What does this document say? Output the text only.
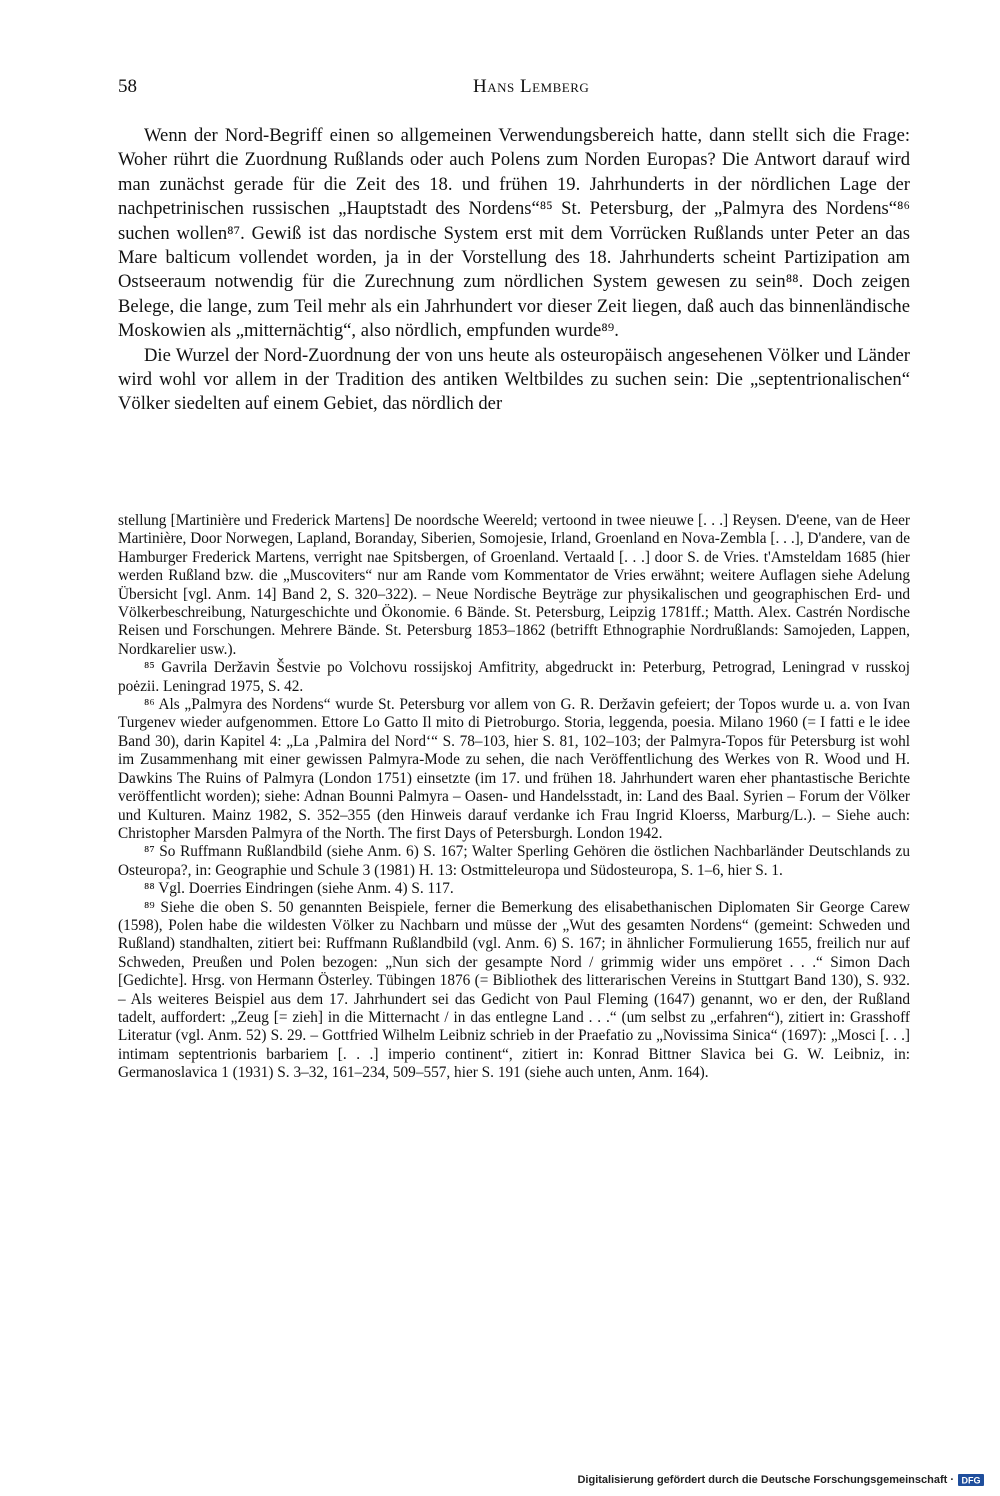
58	Hans Lemberg

Wenn der Nord-Begriff einen so allgemeinen Verwendungsbereich hatte, dann stellt sich die Frage: Woher rührt die Zuordnung Rußlands oder auch Polens zum Norden Europas? Die Antwort darauf wird man zunächst gerade für die Zeit des 18. und frühen 19. Jahrhunderts in der nördlichen Lage der nachpetrinischen russischen „Hauptstadt des Nordens“⁸⁵ St. Petersburg, der „Palmyra des Nordens“⁸⁶ suchen wollen⁸⁷. Gewiß ist das nordische System erst mit dem Vorrücken Rußlands unter Peter an das Mare balticum vollendet worden, ja in der Vorstellung des 18. Jahrhunderts scheint Partizipation am Ostseeraum notwendig für die Zurechnung zum nördlichen System gewesen zu sein⁸⁸. Doch zeigen Belege, die lange, zum Teil mehr als ein Jahrhundert vor dieser Zeit liegen, daß auch das binnenländische Moskowien als „mitternächtig“, also nördlich, empfunden wurde⁸⁹.

Die Wurzel der Nord-Zuordnung der von uns heute als osteuropäisch angesehenen Völker und Länder wird wohl vor allem in der Tradition des antiken Weltbildes zu suchen sein: Die „septentrionalischen“ Völker siedelten auf einem Gebiet, das nördlich der

stellung [Martinière und Frederick Martens] De noordsche Weereld; vertoond in twee nieuwe [. . .] Reysen. D'eene, van de Heer Martinière, Door Norwegen, Lapland, Boranday, Siberien, Somojesie, Irland, Groenland en Nova-Zembla [. . .], D'andere, van de Hamburger Frederick Martens, verright nae Spitsbergen, of Groenland. Vertaald [. . .] door S. de Vries. t'Amsteldam 1685 (hier werden Rußland bzw. die „Muscoviters“ nur am Rande vom Kommentator de Vries erwähnt; weitere Auflagen siehe Adelung Übersicht [vgl. Anm. 14] Band 2, S. 320–322). – Neue Nordische Beyträge zur physikalischen und geographischen Erd- und Völkerbeschreibung, Naturgeschichte und Ökonomie. 6 Bände. St. Petersburg, Leipzig 1781ff.; Matth. Alex. Castrén Nordische Reisen und Forschungen. Mehrere Bände. St. Petersburg 1853–1862 (betrifft Ethnographie Nordrußlands: Samojeden, Lappen, Nordkarelier usw.).

⁸⁵ Gavrila Deržavin Šestvie po Volchovu rossijskoj Amfitrity, abgedruckt in: Peterburg, Petrograd, Leningrad v russkoj poėzii. Leningrad 1975, S. 42.

⁸⁶ Als „Palmyra des Nordens“ wurde St. Petersburg vor allem von G. R. Deržavin gefeiert; der Topos wurde u. a. von Ivan Turgenev wieder aufgenommen. Ettore Lo Gatto Il mito di Pietroburgo. Storia, leggenda, poesia. Milano 1960 (= I fatti e le idee Band 30), darin Kapitel 4: „La ‚Palmira del Nord‘“ S. 78–103, hier S. 81, 102–103; der Palmyra-Topos für Petersburg ist wohl im Zusammenhang mit einer gewissen Palmyra-Mode zu sehen, die nach Veröffentlichung des Werkes von R. Wood und H. Dawkins The Ruins of Palmyra (London 1751) einsetzte (im 17. und frühen 18. Jahrhundert waren eher phantastische Berichte veröffentlicht worden); siehe: Adnan Bounni Palmyra – Oasen- und Handelsstadt, in: Land des Baal. Syrien – Forum der Völker und Kulturen. Mainz 1982, S. 352–355 (den Hinweis darauf verdanke ich Frau Ingrid Kloerss, Marburg/L.). – Siehe auch: Christopher Marsden Palmyra of the North. The first Days of Petersburgh. London 1942.

⁸⁷ So Ruffmann Rußlandbild (siehe Anm. 6) S. 167; Walter Sperling Gehören die östlichen Nachbarländer Deutschlands zu Osteuropa?, in: Geographie und Schule 3 (1981) H. 13: Ostmitteleuropa und Südosteuropa, S. 1–6, hier S. 1.

⁸⁸ Vgl. Doerries Eindringen (siehe Anm. 4) S. 117.

⁸⁹ Siehe die oben S. 50 genannten Beispiele, ferner die Bemerkung des elisabethanischen Diplomaten Sir George Carew (1598), Polen habe die wildesten Völker zu Nachbarn und müsse der „Wut des gesamten Nordens“ (gemeint: Schweden und Rußland) standhalten, zitiert bei: Ruffmann Rußlandbild (vgl. Anm. 6) S. 167; in ähnlicher Formulierung 1655, freilich nur auf Schweden, Preußen und Polen bezogen: „Nun sich der gesampte Nord / grimmig wider uns empöret . . .“ Simon Dach [Gedichte]. Hrsg. von Hermann Österley. Tübingen 1876 (= Bibliothek des litterarischen Vereins in Stuttgart Band 130), S. 932. – Als weiteres Beispiel aus dem 17. Jahrhundert sei das Gedicht von Paul Fleming (1647) genannt, wo er den, der Rußland tadelt, auffordert: „Zeug [= zieh] in die Mitternacht / in das entlegne Land . . .“ (um selbst zu „erfahren“), zitiert in: Grasshoff Literatur (vgl. Anm. 52) S. 29. – Gottfried Wilhelm Leibniz schrieb in der Praefatio zu „Novissima Sinica“ (1697): „Mosci [. . .] intimam septentrionis barbariem [. . .] imperio continent“, zitiert in: Konrad Bittner Slavica bei G. W. Leibniz, in: Germanoslavica 1 (1931) S. 3–32, 161–234, 509–557, hier S. 191 (siehe auch unten, Anm. 164).

Digitalisierung gefördert durch die Deutsche Forschungsgemeinschaft · DFG
